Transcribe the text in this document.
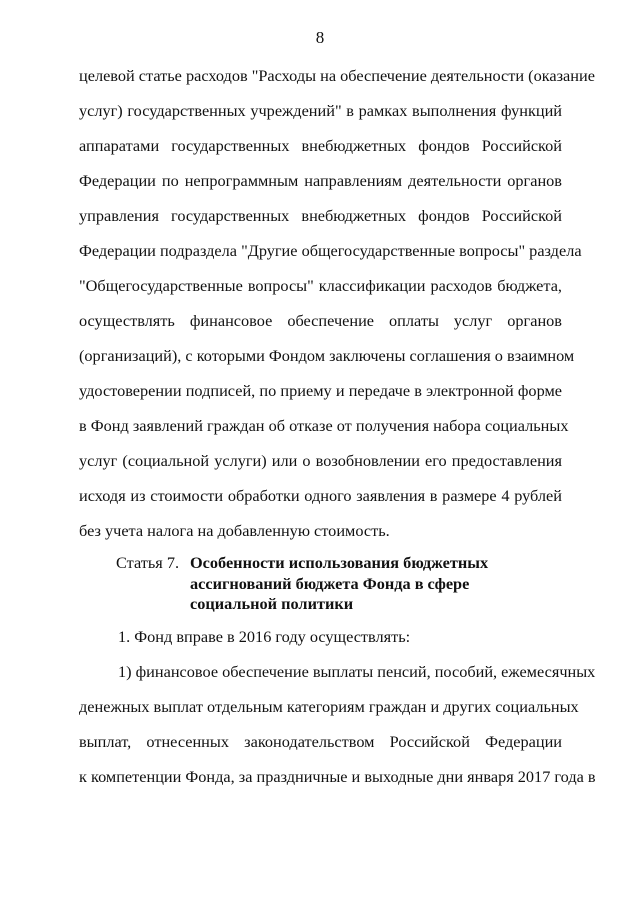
8
целевой статье расходов "Расходы на обеспечение деятельности (оказание
услуг) государственных учреждений" в рамках выполнения функций
аппаратами государственных внебюджетных фондов Российской
Федерации по непрограммным направлениям деятельности органов
управления государственных внебюджетных фондов Российской
Федерации подраздела "Другие общегосударственные вопросы" раздела
"Общегосударственные вопросы" классификации расходов бюджета,
осуществлять финансовое обеспечение оплаты услуг органов
(организаций), с которыми Фондом заключены соглашения о взаимном
удостоверении подписей, по приему и передаче в электронной форме
в Фонд заявлений граждан об отказе от получения набора социальных
услуг (социальной услуги) или о возобновлении его предоставления
исходя из стоимости обработки одного заявления в размере 4 рублей
без учета налога на добавленную стоимость.
Статья 7. Особенности использования бюджетных
ассигнований бюджета Фонда в сфере
социальной политики
1. Фонд вправе в 2016 году осуществлять:
1) финансовое обеспечение выплаты пенсий, пособий, ежемесячных
денежных выплат отдельным категориям граждан и других социальных
выплат, отнесенных законодательством Российской Федерации
к компетенции Фонда, за праздничные и выходные дни января 2017 года в
